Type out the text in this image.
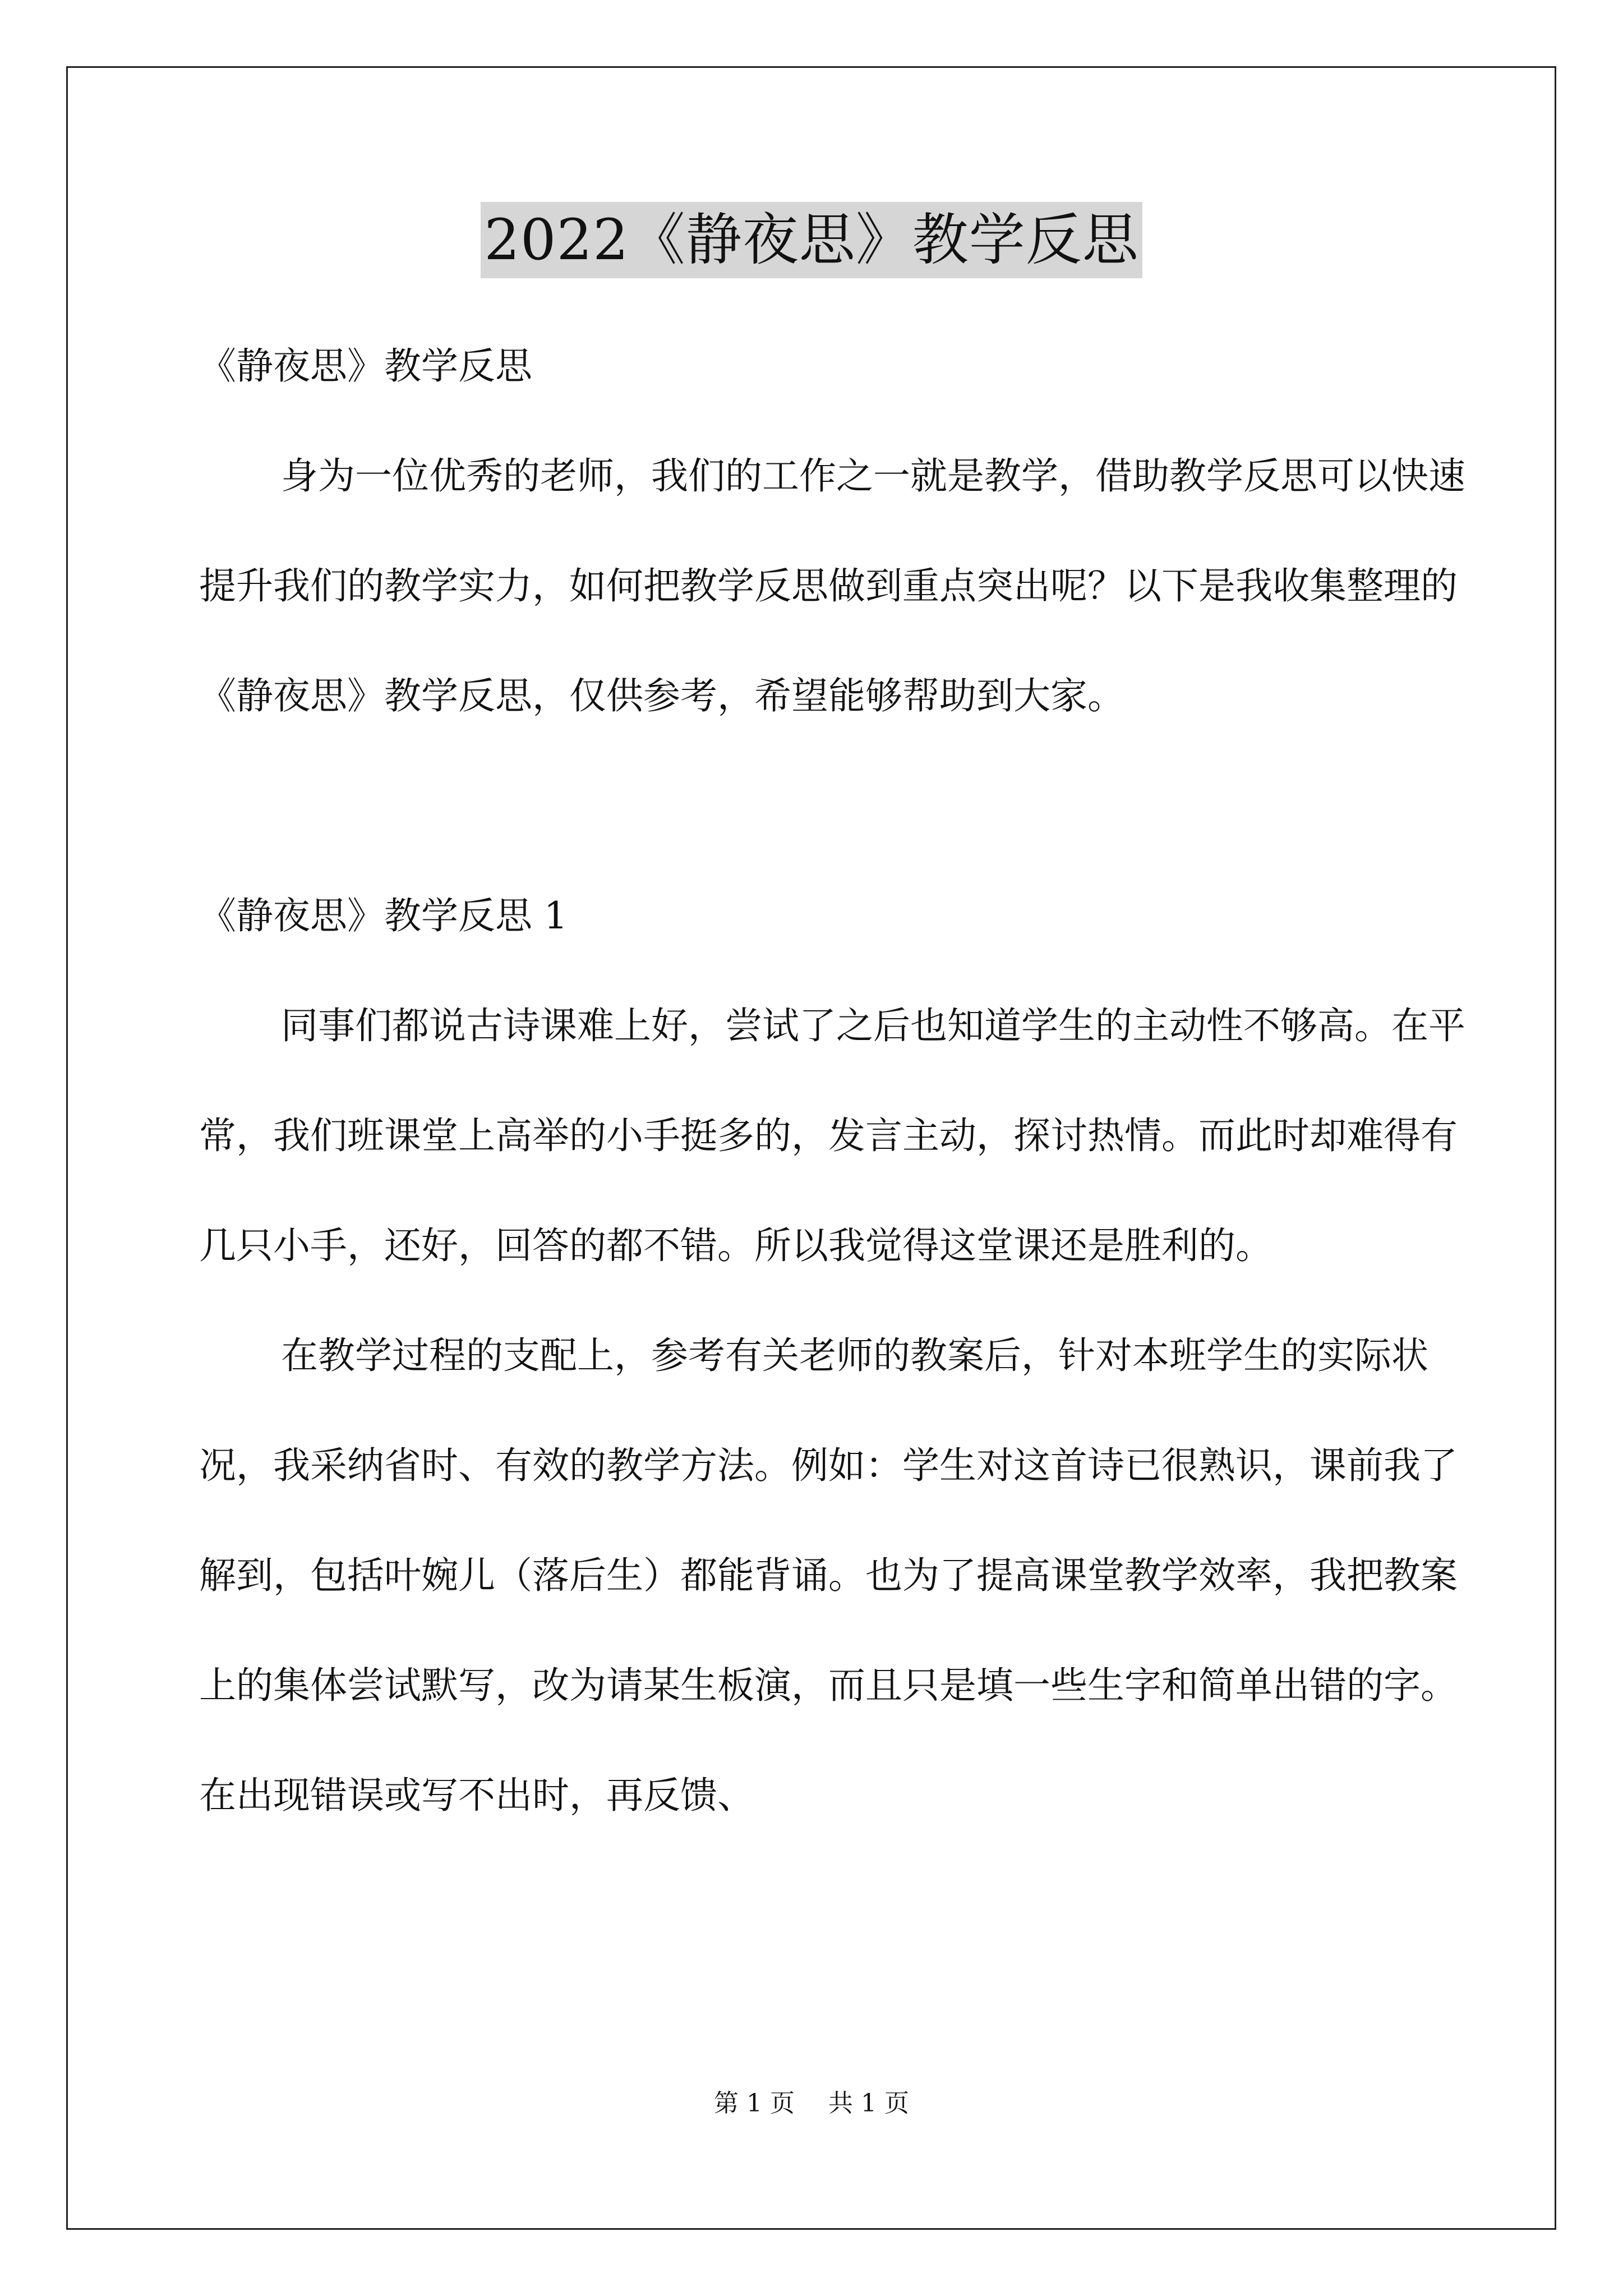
2022《静夜思》教学反思

《静夜思》教学反思

身为一位优秀的老师，我们的工作之一就是教学，借助教学反思可以快速提升我们的教学实力，如何把教学反思做到重点突出呢？以下是我收集整理的《静夜思》教学反思，仅供参考，希望能够帮助到大家。

《静夜思》教学反思 1

同事们都说古诗课难上好，尝试了之后也知道学生的主动性不够高。在平常，我们班课堂上高举的小手挺多的，发言主动，探讨热情。而此时却难得有几只小手，还好，回答的都不错。所以我觉得这堂课还是胜利的。

在教学过程的支配上，参考有关老师的教案后，针对本班学生的实际状况，我采纳省时、有效的教学方法。例如：学生对这首诗已很熟识，课前我了解到，包括叶婉儿（落后生）都能背诵。也为了提高课堂教学效率，我把教案上的集体尝试默写，改为请某生板演，而且只是填一些生字和简单出错的字。在出现错误或写不出时，再反馈、

第 1 页 共 1 页
